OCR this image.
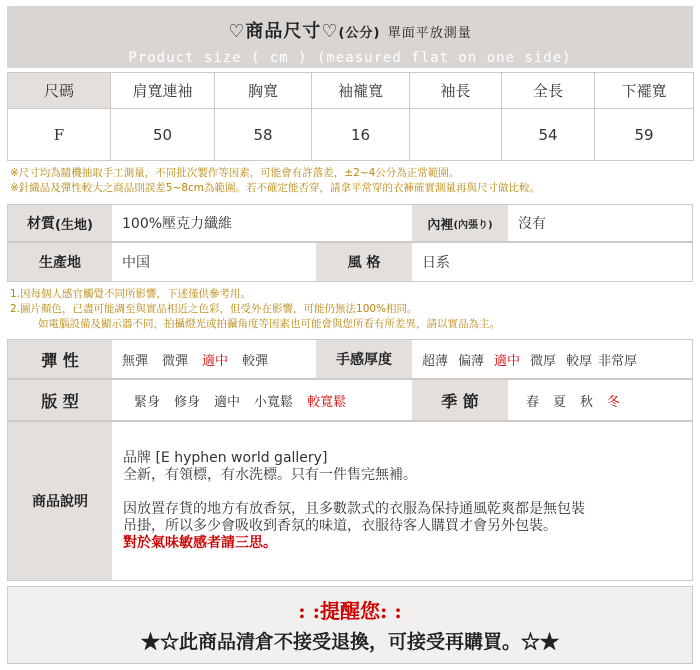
♡商品尺寸♡(公分) 單面平放測量
Product size ( cm ) (measured flat on one side)
尺碼	肩寬連袖	胸寬	袖襱寬	袖長	全長	下襬寬
F	50	58	16		54	59
※尺寸均為隨機抽取手工測量，不同批次製作等因素，可能會有許落差，±2~4公分為正常範圍。
※針織品及彈性較大之商品則誤差5~8cm為範圍。若不確定能否穿，請拿平常穿的衣褲確實測量再與尺寸做比較。
材質 (生地)	100%壓克力纖維	內裡 (內張り)	沒有
生產地	中国	風 格	日系
1.因每個人感官觸覺不同所影響，下述僅供參考用。
2.圖片顏色，已盡可能調至與實品相近之色彩，但受外在影響，可能仍無法100%相同。
如電腦設備及顯示器不同，拍攝燈光或拍攝角度等因素也可能會與您所看有所差異，請以實品為主。
彈 性	無彈 微彈 適中 較彈	手感厚度	超薄 偏薄 適中 微厚 較厚 非常厚
版 型	緊身 修身 適中 小寬鬆 較寬鬆	季 節	春 夏 秋 冬
商品說明
品牌 [E hyphen world gallery]
全新，有領標，有水洗標。只有一件售完無補。
因放置存貨的地方有放香氛，且多數款式的衣服為保持通風乾爽都是無包裝
吊掛，所以多少會吸收到香氛的味道，衣服待客人購買才會另外包裝。
對於氣味敏感者請三思。
: :提醒您: :
★☆此商品清倉不接受退換，可接受再購買。☆★
